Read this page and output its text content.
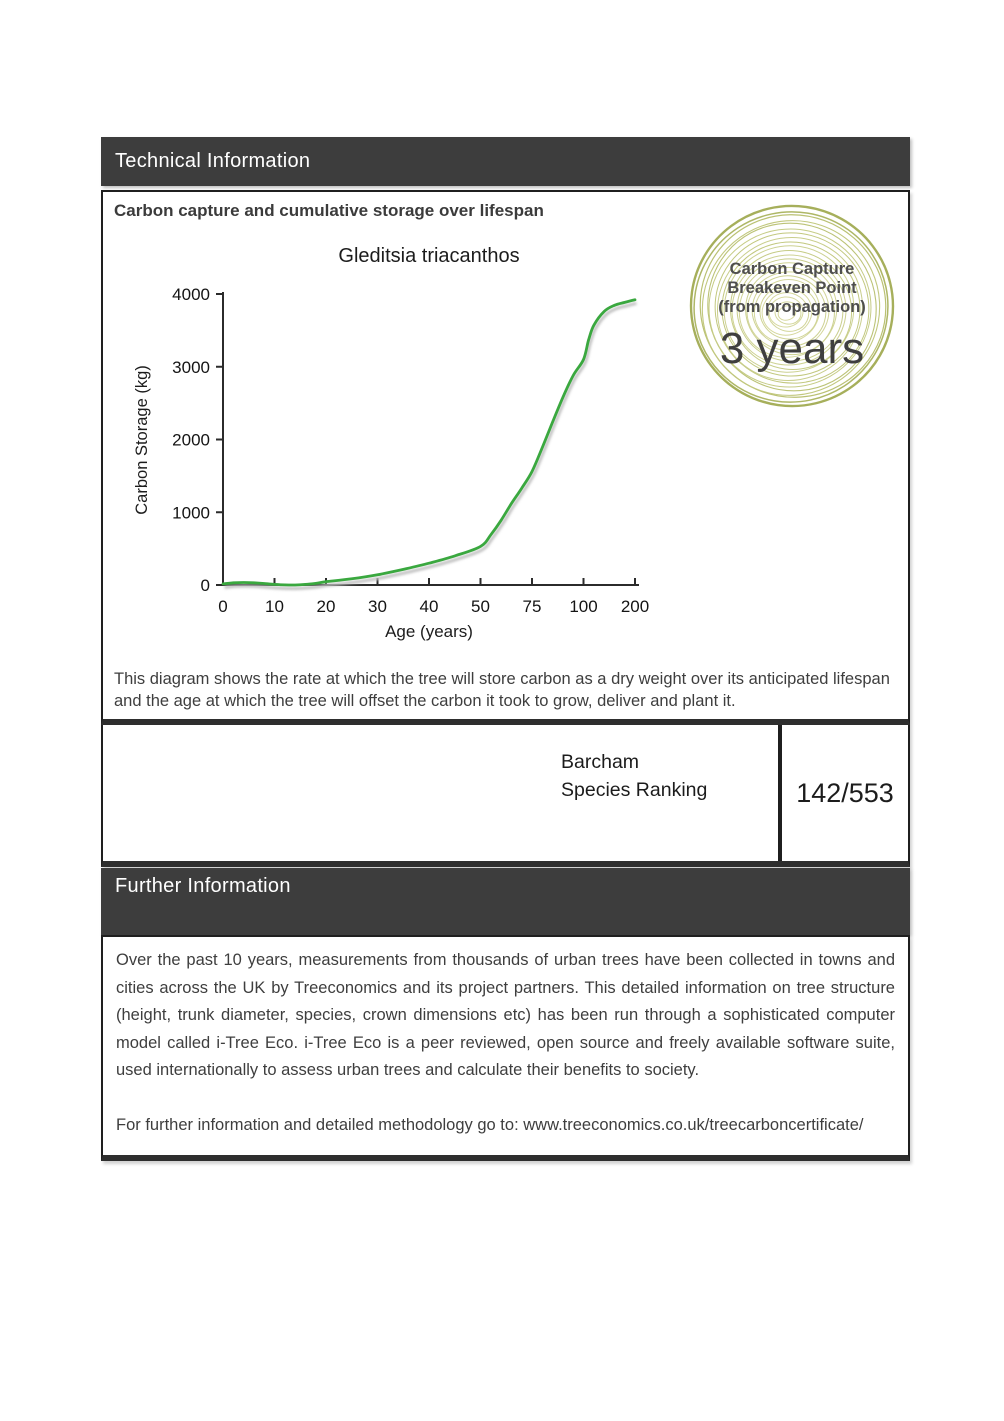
Technical Information
Carbon capture and cumulative storage over lifespan
This diagram shows the rate at which the tree will store carbon as a dry weight over its anticipated lifespan and the age at which the tree will offset the carbon it took to grow, deliver and plant it.
Gleditsia triacanthos
Carbon Storage (kg)
Age (years)
0 10 20 30 40 50 75 100 200
0
1000
2000
3000
4000
Carbon Capture
Breakeven Point
(from propagation)
3 years
Barcham
Species Ranking	142/553
Further Information

Over the past 10 years, measurements from thousands of urban trees have been collected in towns and cities across the UK by Treeconomics and its project partners. This detailed information on tree structure (height, trunk diameter, species, crown dimensions etc) has been run through a sophisticated computer model called i-Tree Eco. i-Tree Eco is a peer reviewed, open source and freely available software suite, used internationally to assess urban trees and calculate their benefits to society.

For further information and detailed methodology go to: www.treeconomics.co.uk/treecarboncertificate/
